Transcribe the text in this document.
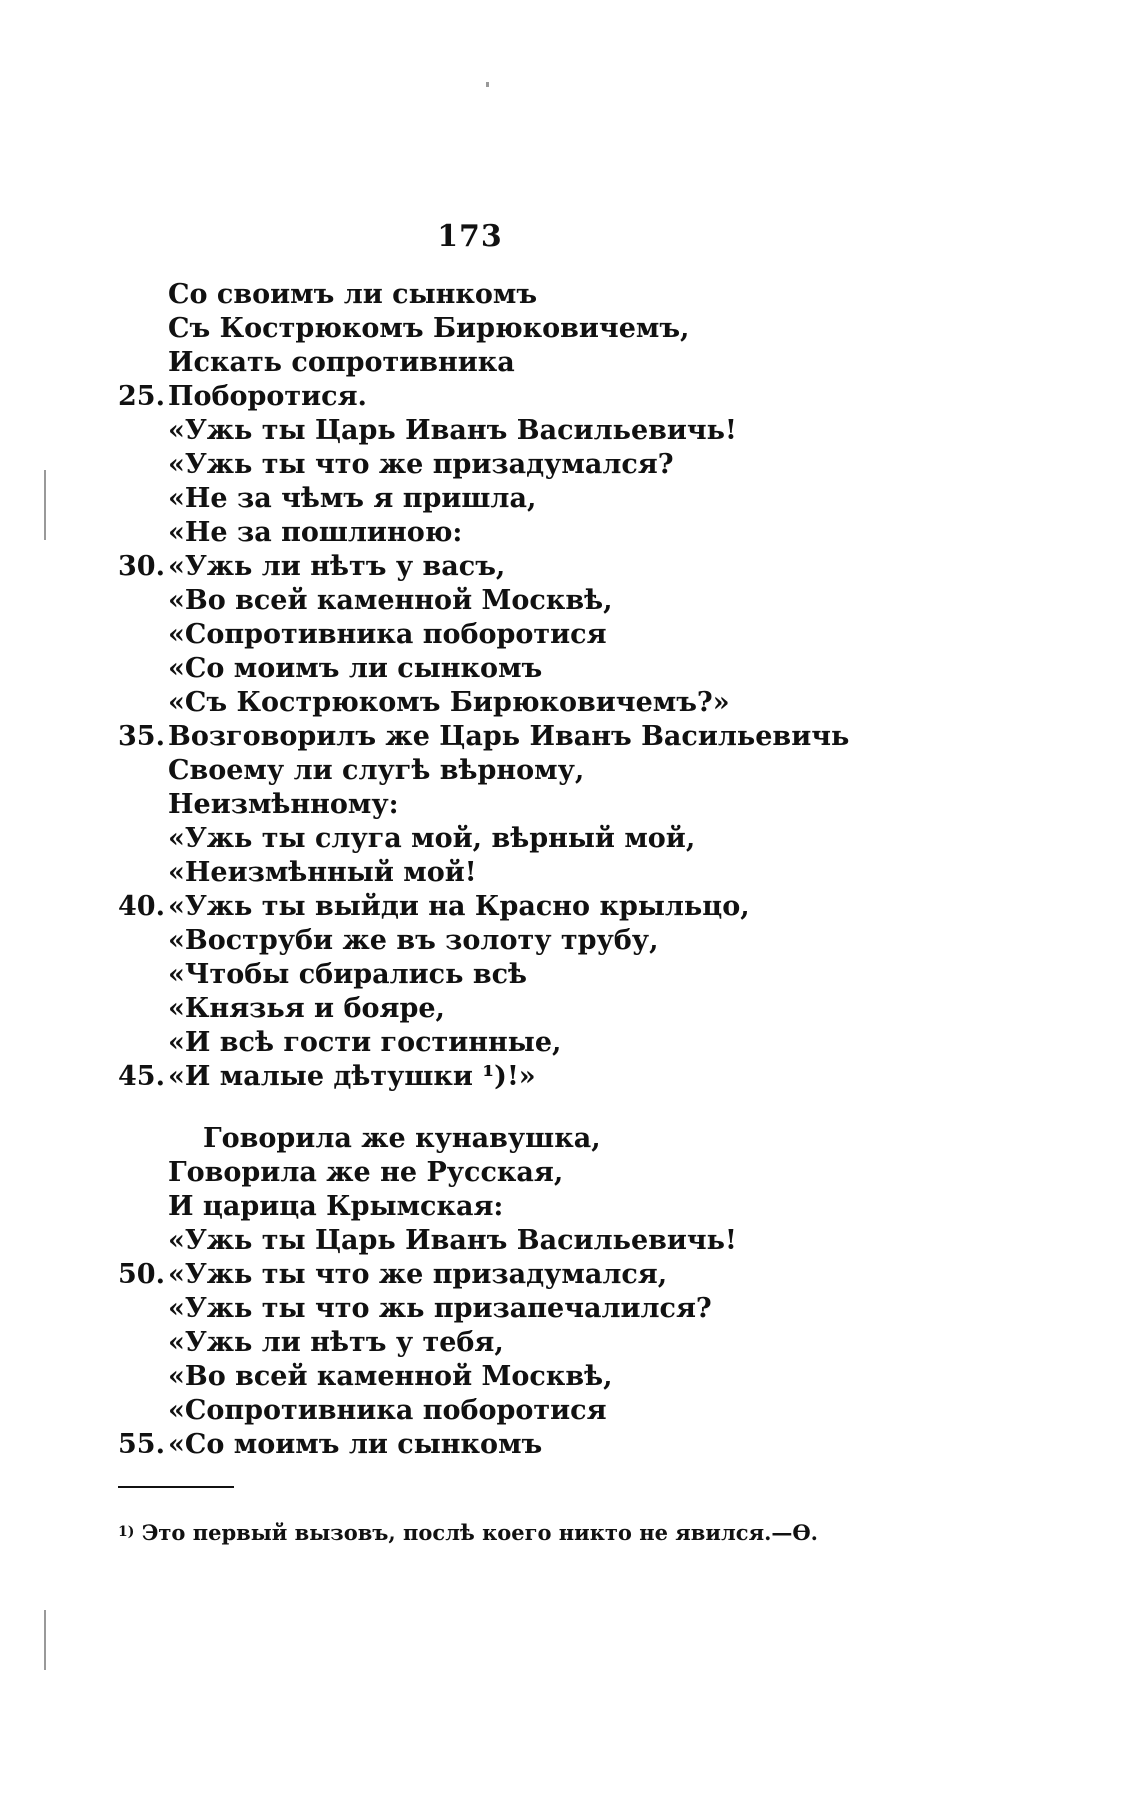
173
Со своимъ ли сынкомъ
Съ Кострюкомъ Бирюковичемъ,
Искать сопротивника
25. Поборотися.
«Ужь ты Царь Иванъ Васильевичь!
«Ужь ты что же призадумался?
«Не за чѣмъ я пришла,
«Не за пошлиною:
30. «Ужь ли нѣтъ у васъ,
«Во всей каменной Москвѣ,
«Сопротивника поборотися
«Со моимъ ли сынкомъ
«Съ Кострюкомъ Бирюковичемъ?»
35. Возговорилъ же Царь Иванъ Васильевичь
Своему ли слугѣ вѣрному,
Неизмѣнному:
«Ужь ты слуга мой, вѣрный мой,
«Неизмѣнный мой!
40. «Ужь ты выйди на Красно крыльцо,
«Вoструби же въ золоту трубу,
«Чтобы сбирались всѣ
«Князья и бояре,
«И всѣ гости гостинные,
45. «И малые дѣтушки ¹)!»
Говорила же кунавушка,
Говорила же не Русская,
И царица Крымская:
«Ужь ты Царь Иванъ Васильевичь!
50. «Ужь ты что же призадумался,
«Ужь ты что жь призапечалился?
«Ужь ли нѣтъ у тебя,
«Во всей каменной Москвѣ,
«Сопротивника поборотися
55. «Со моимъ ли сынкомъ
$^{1)}$ Это первый вызовъ, послѣ коего никто не явился.—Ө.
